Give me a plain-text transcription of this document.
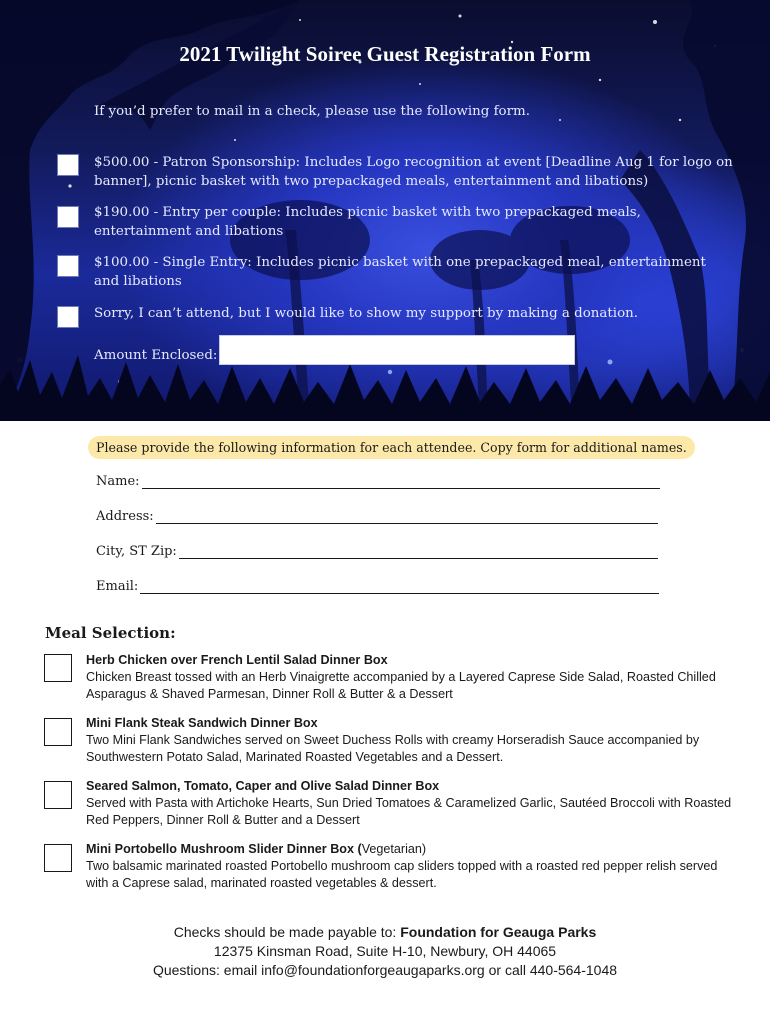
2021 Twilight Soiree Guest Registration Form
If you’d prefer to mail in a check, please use the following form.
$500.00 - Patron Sponsorship: Includes Logo recognition at event [Deadline Aug 1 for logo on banner], picnic basket with two prepackaged meals, entertainment and libations)
$190.00 - Entry per couple: Includes picnic basket with two prepackaged meals, entertainment and libations
$100.00 - Single Entry: Includes picnic basket with one prepackaged meal, entertainment and libations
Sorry, I can’t attend, but I would like to show my support by making a donation.
Amount Enclosed:
Please provide the following information for each attendee. Copy form for additional names.
Name:
Address:
City, ST Zip:
Email:
Meal Selection:
Herb Chicken over French Lentil Salad Dinner Box
Chicken Breast tossed with an Herb Vinaigrette accompanied by a Layered Caprese Side Salad, Roasted Chilled Asparagus & Shaved Parmesan, Dinner Roll & Butter & a Dessert
Mini Flank Steak Sandwich Dinner Box
Two Mini Flank Sandwiches served on Sweet Duchess Rolls with creamy Horseradish Sauce accompanied by Southwestern Potato Salad, Marinated Roasted Vegetables and a Dessert.
Seared Salmon, Tomato, Caper and Olive Salad Dinner Box
Served with Pasta with Artichoke Hearts, Sun Dried Tomatoes & Caramelized Garlic, Sautéed Broccoli with Roasted Red Peppers, Dinner Roll & Butter and a Dessert
Mini Portobello Mushroom Slider Dinner Box (Vegetarian)
Two balsamic marinated roasted Portobello mushroom cap sliders topped with a roasted red pepper relish served with a Caprese salad, marinated roasted vegetables & dessert.
Checks should be made payable to: Foundation for Geauga Parks
12375 Kinsman Road, Suite H-10, Newbury, OH 44065
Questions: email info@foundationforgeaugaparks.org or call 440-564-1048
